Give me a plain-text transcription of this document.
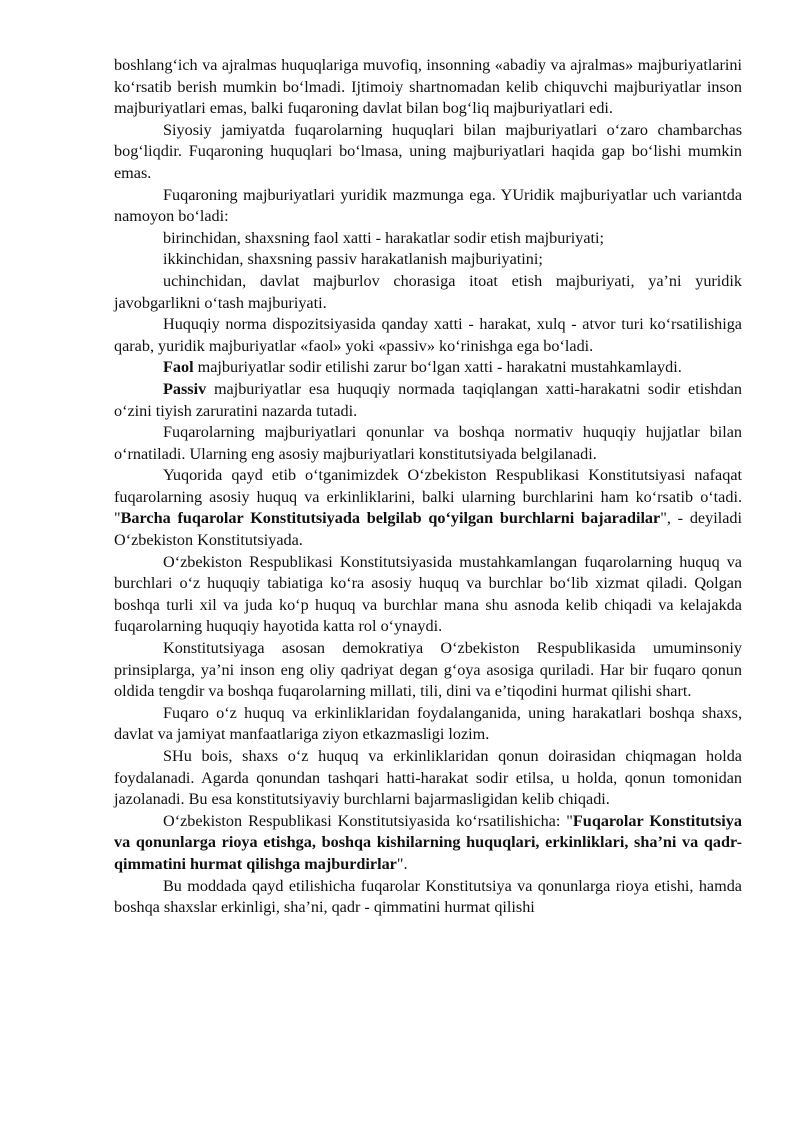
boshlang‘ich va ajralmas huquqlariga muvofiq, insonning «abadiy va ajralmas» majburiyatlarini ko‘rsatib berish mumkin bo‘lmadi. Ijtimoiy shartnomadan kelib chiquvchi majburiyatlar inson majburiyatlari emas, balki fuqaroning davlat bilan bog‘liq majburiyatlari edi.

Siyosiy jamiyatda fuqarolarning huquqlari bilan majburiyatlari o‘zaro chambarchas bog‘liqdir. Fuqaroning huquqlari bo‘lmasa, uning majburiyatlari haqida gap bo‘lishi mumkin emas.

Fuqaroning majburiyatlari yuridik mazmunga ega. YUridik majburiyatlar uch variantda namoyon bo‘ladi:

birinchidan, shaxsning faol xatti - harakatlar sodir etish majburiyati;

ikkinchidan, shaxsning passiv harakatlanish majburiyatini;

uchinchidan, davlat majburlov chorasiga itoat etish majburiyati, ya’ni yuridik javobgarlikni o‘tash majburiyati.

Huquqiy norma dispozitsiyasida qanday xatti - harakat, xulq - atvor turi ko‘rsatilishiga qarab, yuridik majburiyatlar «faol» yoki «passiv» ko‘rinishga ega bo‘ladi.

Faol majburiyatlar sodir etilishi zarur bo‘lgan xatti - harakatni mustahkamlaydi.

Passiv majburiyatlar esa huquqiy normada taqiqlangan xatti-harakatni sodir etishdan o‘zini tiyish zaruratini nazarda tutadi.

Fuqarolarning majburiyatlari qonunlar va boshqa normativ huquqiy hujjatlar bilan o‘rnatiladi. Ularning eng asosiy majburiyatlari konstitutsiyada belgilanadi.

Yuqorida qayd etib o‘tganimizdek O‘zbekiston Respublikasi Konstitutsiyasi nafaqat fuqarolarning asosiy huquq va erkinliklarini, balki ularning burchlarini ham ko‘rsatib o‘tadi. "Barcha fuqarolar Konstitutsiyada belgilab qo‘yilgan burchlarni bajaradilar", - deyiladi O‘zbekiston Konstitutsiyada.

O‘zbekiston Respublikasi Konstitutsiyasida mustahkamlangan fuqarolarning huquq va burchlari o‘z huquqiy tabiatiga ko‘ra asosiy huquq va burchlar bo‘lib xizmat qiladi. Qolgan boshqa turli xil va juda ko‘p huquq va burchlar mana shu asnoda kelib chiqadi va kelajakda fuqarolarning huquqiy hayotida katta rol o‘ynaydi.

Konstitutsiyaga asosan demokratiya O‘zbekiston Respublikasida umuminsoniy prinsiplarga, ya’ni inson eng oliy qadriyat degan g‘oya asosiga quriladi. Har bir fuqaro qonun oldida tengdir va boshqa fuqarolarning millati, tili, dini va e’tiqodini hurmat qilishi shart.

Fuqaro o‘z huquq va erkinliklaridan foydalanganida, uning harakatlari boshqa shaxs, davlat va jamiyat manfaatlariga ziyon etkazmasligi lozim.

SHu bois, shaxs o‘z huquq va erkinliklaridan qonun doirasidan chiqmagan holda foydalanadi. Agarda qonundan tashqari hatti-harakat sodir etilsa, u holda, qonun tomonidan jazolanadi. Bu esa konstitutsiyaviy burchlarni bajarmasligidan kelib chiqadi.

O‘zbekiston Respublikasi Konstitutsiyasida ko‘rsatilishicha: "Fuqarolar Konstitutsiya va qonunlarga rioya etishga, boshqa kishilarning huquqlari, erkinliklari, sha’ni va qadr-qimmatini hurmat qilishga majburdirlar".

Bu moddada qayd etilishicha fuqarolar Konstitutsiya va qonunlarga rioya etishi, hamda boshqa shaxslar erkinligi, sha’ni, qadr - qimmatini hurmat qilishi
